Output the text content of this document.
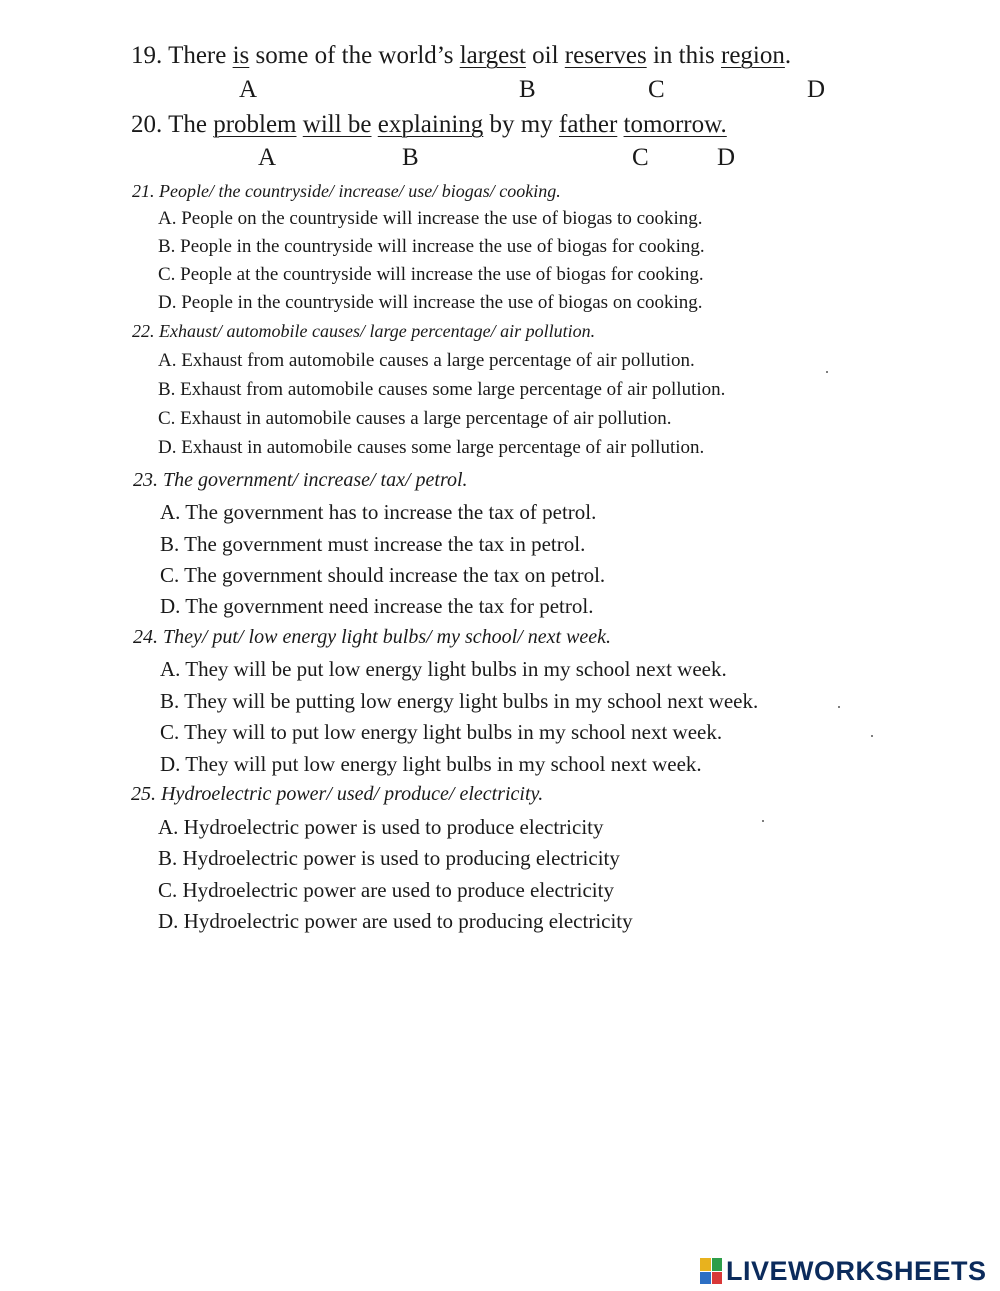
19. There is some of the world’s largest oil reserves in this region.
A	B	C	D
20. The problem will be explaining by my father tomorrow.
A	B	C	D
21. People/ the countryside/ increase/ use/ biogas/ cooking.
A. People on the countryside will increase the use of biogas to cooking.
B. People in the countryside will increase the use of biogas for cooking.
C. People at the countryside will increase the use of biogas for cooking.
D. People in the countryside will increase the use of biogas on cooking.
22. Exhaust/ automobile causes/ large percentage/ air pollution.
A. Exhaust from automobile causes a large percentage of air pollution.
B. Exhaust from automobile causes some large percentage of air pollution.
C. Exhaust in automobile causes a large percentage of air pollution.
D. Exhaust in automobile causes some large percentage of air pollution.
23. The government/ increase/ tax/ petrol.
A. The government has to increase the tax of petrol.
B. The government must increase the tax in petrol.
C. The government should increase the tax on petrol.
D. The government need increase the tax for petrol.
24. They/ put/ low energy light bulbs/ my school/ next week.
A. They will be put low energy light bulbs in my school next week.
B. They will be putting low energy light bulbs in my school next week.
C. They will to put low energy light bulbs in my school next week.
D. They will put low energy light bulbs in my school next week.
25. Hydroelectric power/ used/ produce/ electricity.
A. Hydroelectric power is used to produce electricity
B. Hydroelectric power is used to producing electricity
C. Hydroelectric power are used to produce electricity
D. Hydroelectric power are used to producing electricity
LIVEWORKSHEETS
